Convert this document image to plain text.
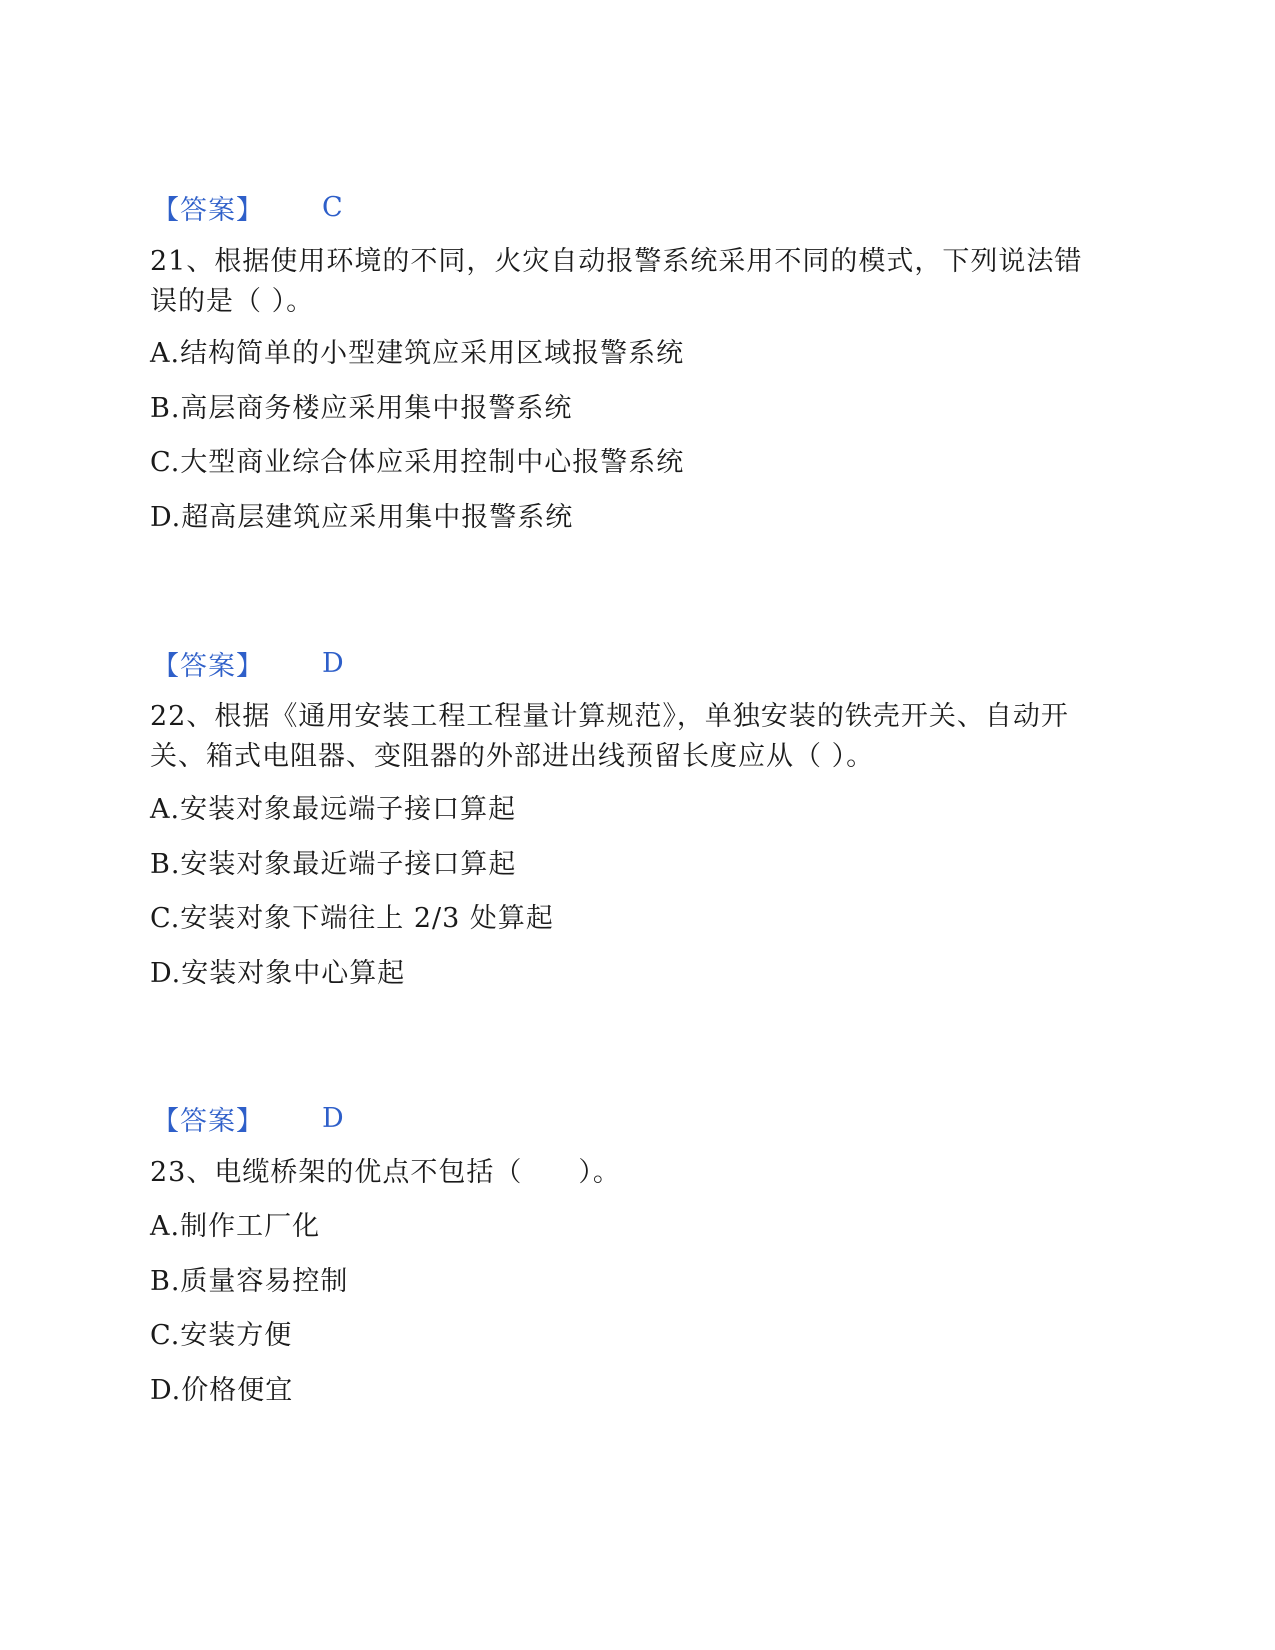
【答案】 C
21、根据使用环境的不同，火灾自动报警系统采用不同的模式，下列说法错误的是（ ）。
A.结构简单的小型建筑应采用区域报警系统
B.高层商务楼应采用集中报警系统
C.大型商业综合体应采用控制中心报警系统
D.超高层建筑应采用集中报警系统
【答案】 D
22、根据《通用安装工程工程量计算规范》，单独安装的铁壳开关、自动开关、箱式电阻器、变阻器的外部进出线预留长度应从（ ）。
A.安装对象最远端子接口算起
B.安装对象最近端子接口算起
C.安装对象下端往上 2/3 处算起
D.安装对象中心算起
【答案】 D
23、电缆桥架的优点不包括（　　）。
A.制作工厂化
B.质量容易控制
C.安装方便
D.价格便宜
